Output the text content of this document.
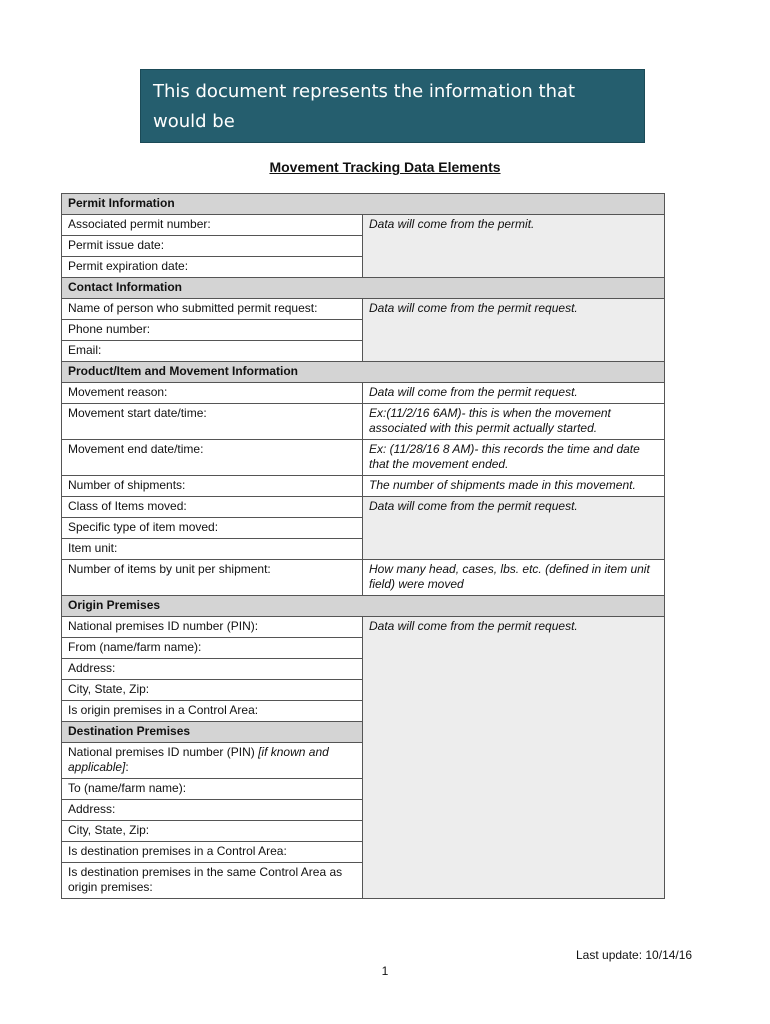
This document represents the information that would be
collected and conveyed using EMRS.
Movement Tracking Data Elements
Permit Information	
Associated permit number:	Data will come from the permit.
Permit issue date:	
Permit expiration date:	
Contact Information	
Name of person who submitted permit request:	Data will come from the permit request.
Phone number:	
Email:	
Product/Item and Movement Information	
Movement reason:	Data will come from the permit request.
Movement start date/time:	Ex:(11/2/16 6AM)- this is when the movement associated with this permit actually started.
Movement end date/time:	Ex: (11/28/16 8 AM)- this records the time and date that the movement ended.
Number of shipments:	The number of shipments made in this movement.
Class of Items moved:	Data will come from the permit request.
Specific type of item moved:	
Item unit:	
Number of items by unit per shipment:	How many head, cases, lbs. etc. (defined in item unit field) were moved
Origin Premises	
National premises ID number (PIN):	Data will come from the permit request.
From (name/farm name):	
Address:	
City, State, Zip:	
Is origin premises in a Control Area:	
Destination Premises	
National premises ID number (PIN) [if known and applicable]:	
To (name/farm name):	
Address:	
City, State, Zip:	
Is destination premises in a Control Area:	
Is destination premises in the same Control Area as origin premises:	
Last update: 10/14/16
1
